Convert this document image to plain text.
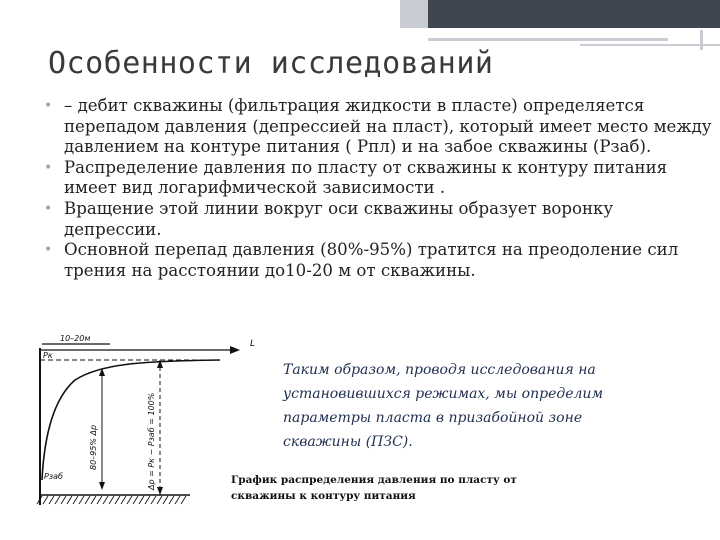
Особенности исследований
• – дебит скважины (фильтрация жидкости в пласте) определяется перепадом давления (депрессией на пласт), который имеет место между давлением на контуре питания ( Рпл) и на забое скважины (Рзаб).
• Распределение давления по пласту от скважины к контуру питания имеет вид логарифмической зависимости .
• Вращение этой линии вокруг оси скважины образует воронку депрессии.
• Основной перепад давления (80%-95%) тратится на преодоление сил трения на расстоянии до10-20 м от скважины.
10–20м
L
Pк
Pзаб
80–95% Δр	Δр = Рк − Рзаб = 100%
Таким образом, проводя исследования на установившихся режимах, мы определим параметры пласта в призабойной зоне скважины (ПЗС).
График распределения давления по пласту от скважины к контуру питания
